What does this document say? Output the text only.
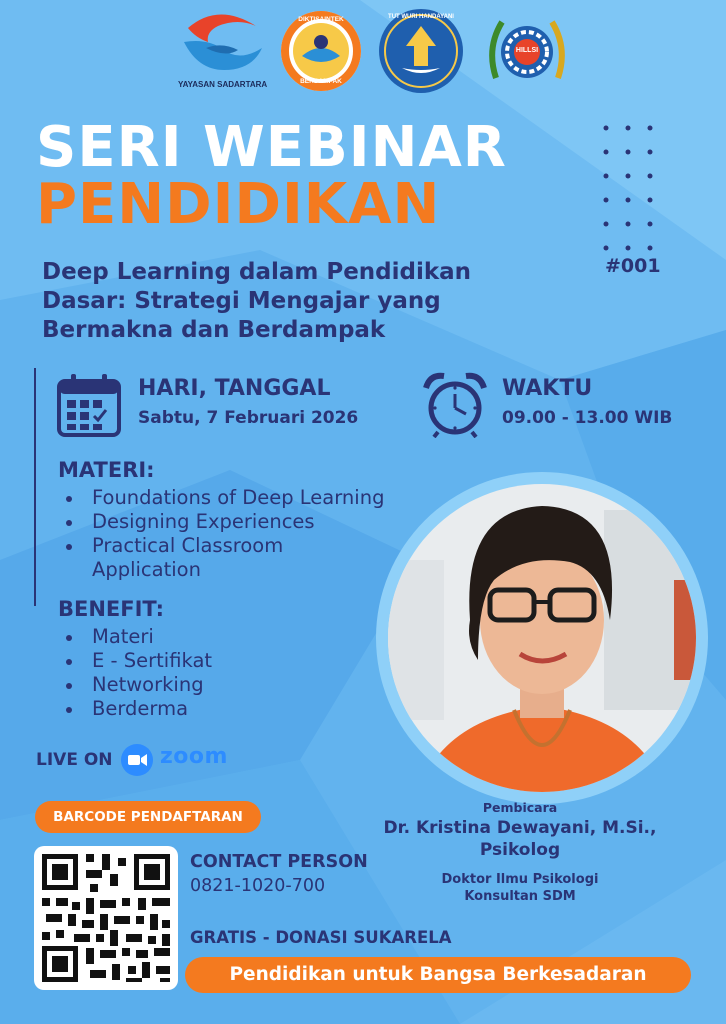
YAYASAN SADARTARA
DIKTISAINTEK
BERDAMPAK
TUT WURI HANDAYANI
HILLSI
SERI WEBINAR
PENDIDIKAN
Deep Learning dalam Pendidikan Dasar: Strategi Mengajar yang Bermakna dan Berdampak
#001
HARI, TANGGAL
Sabtu, 7 Februari 2026
WAKTU
09.00 - 13.00 WIB
MATERI:
Foundations of Deep Learning
Designing Experiences
Practical Classroom Application
BENEFIT:
Materi
E - Sertifikat
Networking
Berderma
LIVE ON zoom
BARCODE PENDAFTARAN
CONTACT PERSON
0821-1020-700
GRATIS - DONASI SUKARELA
Pembicara
Dr. Kristina Dewayani, M.Si., Psikolog
Doktor Ilmu Psikologi
Konsultan SDM
Pendidikan untuk Bangsa Berkesadaran
